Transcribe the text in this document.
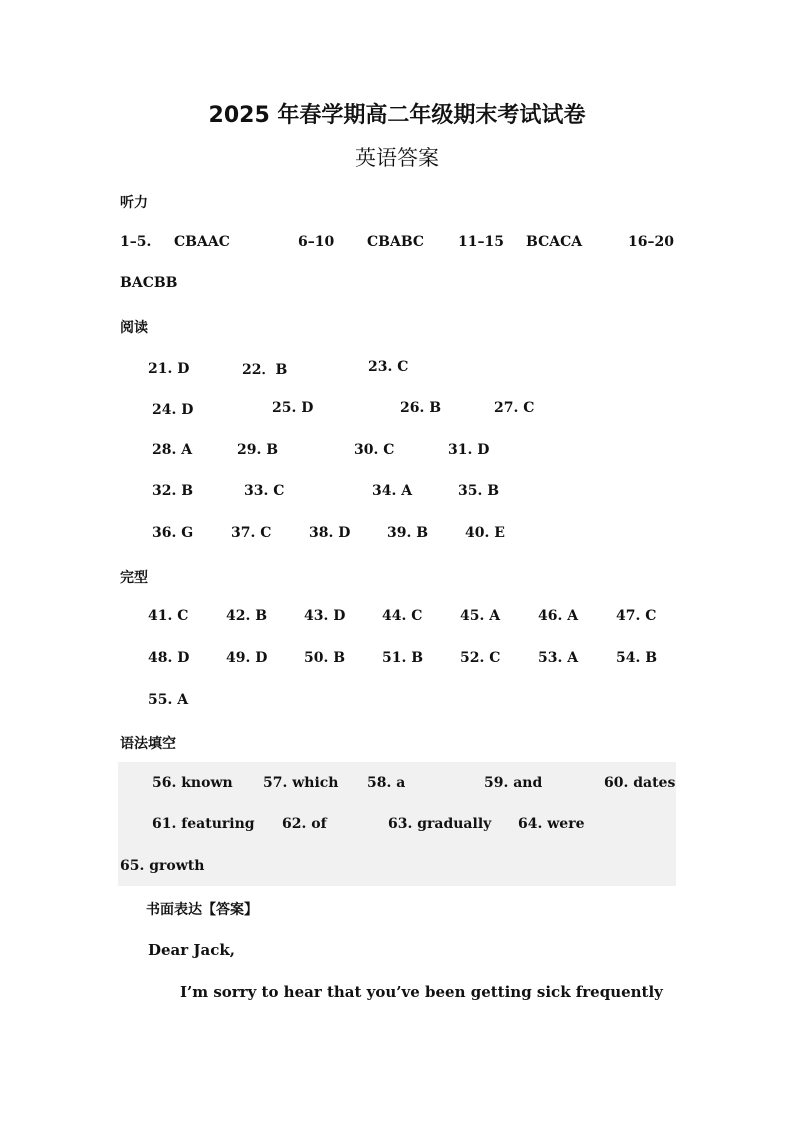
2025 年春学期高二年级期末考试试卷
英语答案
听力
1–5. CBAAC	6–10 CBABC 11–15 BCACA	16–20
BACBB
阅读
21. D	22．B	23. C
24. D	25. D	26. B	27. C
28. A	29. B	30. C	31. D
32. B	33. C	34. A	35. B
36. G	37. C	38. D	39. B	40. E
完型
41. C	42. B	43. D	44. C	45. A	46. A	47. C
48. D	49. D	50. B	51. B	52. C	53. A	54. B
55. A
语法填空
56. known 57. which 58. a	59. and	60. dates
61. featuring 62. of	63. gradually 64. were
65. growth
书面表达【答案】
Dear Jack,
I’m sorry to hear that you’ve been getting sick frequently
